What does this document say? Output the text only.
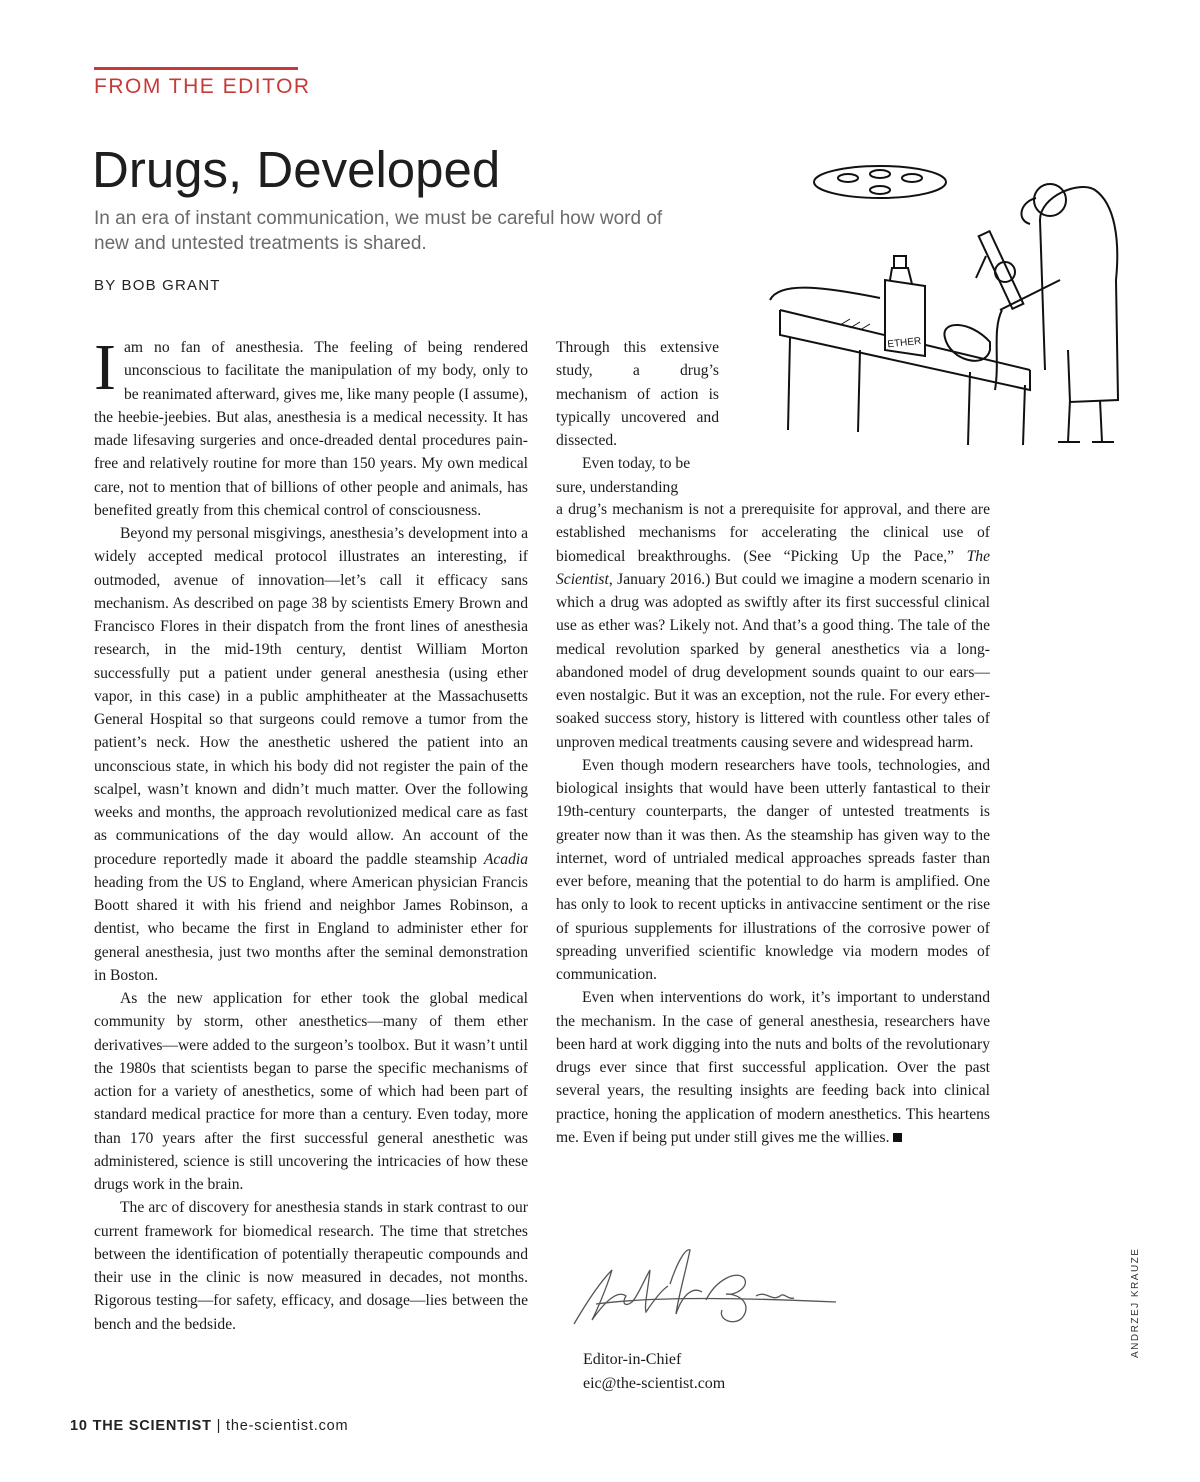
FROM THE EDITOR
Drugs, Developed
In an era of instant communication, we must be careful how word of new and untested treatments is shared.
BY BOB GRANT
ETHER

Iam no fan of anesthesia. The feeling of being rendered unconscious to facilitate the manipulation of my body, only to be reanimated afterward, gives me, like many people (I assume), the heebie-jeebies. But alas, anesthesia is a medical necessity. It has made lifesaving surgeries and once-dreaded dental procedures pain-free and relatively routine for more than 150 years. My own medical care, not to mention that of billions of other people and animals, has benefited greatly from this chemical control of consciousness.

Beyond my personal misgivings, anesthesia’s development into a widely accepted medical protocol illustrates an interesting, if outmoded, avenue of innovation—let’s call it efficacy sans mechanism. As described on page 38 by scientists Emery Brown and Francisco Flores in their dispatch from the front lines of anesthesia research, in the mid-19th century, dentist William Morton successfully put a patient under general anesthesia (using ether vapor, in this case) in a public amphitheater at the Massachusetts General Hospital so that surgeons could remove a tumor from the patient’s neck. How the anesthetic ushered the patient into an unconscious state, in which his body did not register the pain of the scalpel, wasn’t known and didn’t much matter. Over the following weeks and months, the approach revolutionized medical care as fast as communications of the day would allow. An account of the procedure reportedly made it aboard the paddle steamship Acadia heading from the US to England, where American physician Francis Boott shared it with his friend and neighbor James Robinson, a dentist, who became the first in England to administer ether for general anesthesia, just two months after the seminal demonstration in Boston.

As the new application for ether took the global medical community by storm, other anesthetics—many of them ether derivatives—were added to the surgeon’s toolbox. But it wasn’t until the 1980s that scientists began to parse the specific mechanisms of action for a variety of anesthetics, some of which had been part of standard medical practice for more than a century. Even today, more than 170 years after the first successful general anesthetic was administered, science is still uncovering the intricacies of how these drugs work in the brain.

The arc of discovery for anesthesia stands in stark contrast to our current framework for biomedical research. The time that stretches between the identification of potentially therapeutic compounds and their use in the clinic is now measured in decades, not months. Rigorous testing—for safety, efficacy, and dosage—lies between the bench and the bedside.

Through this extensive study, a drug’s mechanism of action is typically uncovered and dissected.

Even today, to be sure, understanding

a drug’s mechanism is not a prerequisite for approval, and there are established mechanisms for accelerating the clinical use of biomedical breakthroughs. (See “Picking Up the Pace,” The Scientist, January 2016.) But could we imagine a modern scenario in which a drug was adopted as swiftly after its first successful clinical use as ether was? Likely not. And that’s a good thing. The tale of the medical revolution sparked by general anesthetics via a long-abandoned model of drug development sounds quaint to our ears—even nostalgic. But it was an exception, not the rule. For every ether-soaked success story, history is littered with countless other tales of unproven medical treatments causing severe and widespread harm.

Even though modern researchers have tools, technologies, and biological insights that would have been utterly fantastical to their 19th-century counterparts, the danger of untested treatments is greater now than it was then. As the steamship has given way to the internet, word of untrialed medical approaches spreads faster than ever before, meaning that the potential to do harm is amplified. One has only to look to recent upticks in antivaccine sentiment or the rise of spurious supplements for illustrations of the corrosive power of spreading unverified scientific knowledge via modern modes of communication.

Even when interventions do work, it’s important to understand the mechanism. In the case of general anesthesia, researchers have been hard at work digging into the nuts and bolts of the revolutionary drugs ever since that first successful application. Over the past several years, the resulting insights are feeding back into clinical practice, honing the application of modern anesthetics. This heartens me. Even if being put under still gives me the willies.

Editor-in-Chief
eic@the-scientist.com
ANDRZEJ KRAUZE
10 THE SCIENTIST | the-scientist.com
